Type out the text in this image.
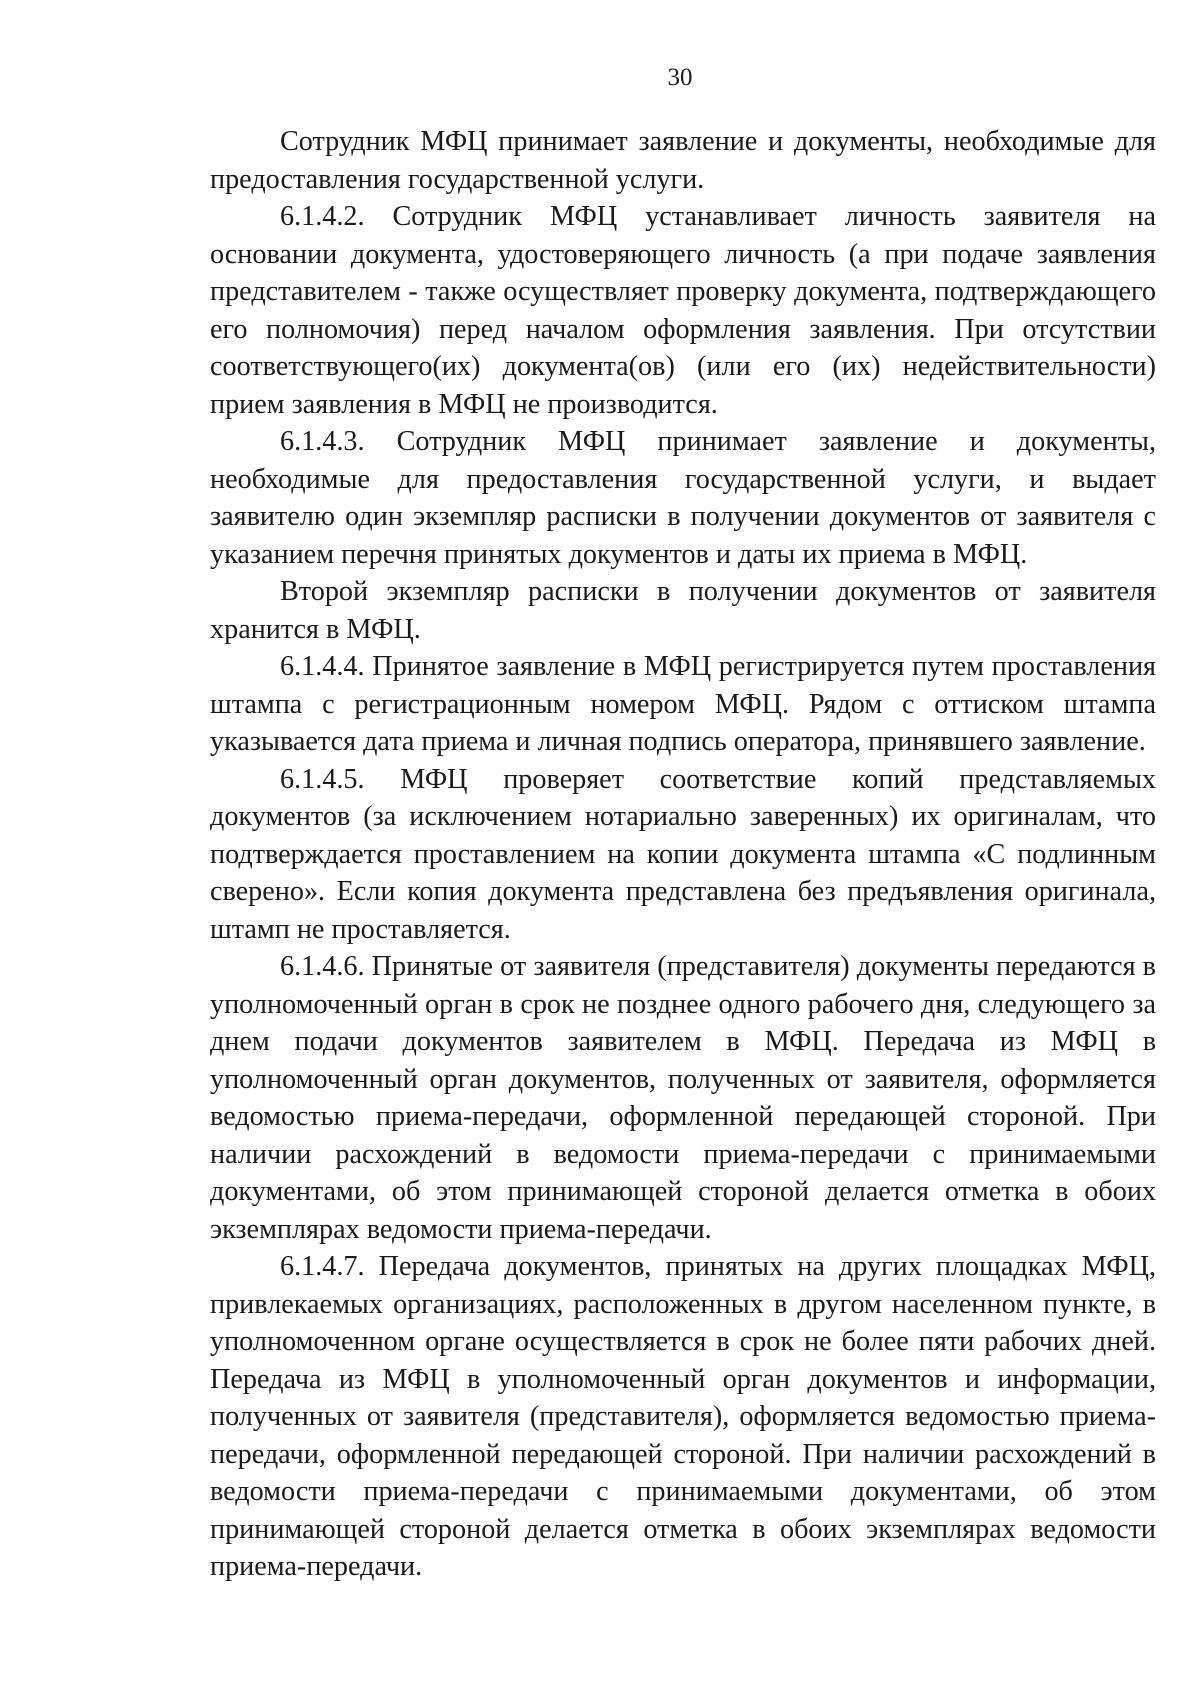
30

Сотрудник МФЦ принимает заявление и документы, необходимые для предоставления государственной услуги.

6.1.4.2. Сотрудник МФЦ устанавливает личность заявителя на основании документа, удостоверяющего личность (а при подаче заявления представителем - также осуществляет проверку документа, подтверждающего его полномочия) перед началом оформления заявления. При отсутствии соответствующего(их) документа(ов) (или его (их) недействительности) прием заявления в МФЦ не производится.

6.1.4.3. Сотрудник МФЦ принимает заявление и документы, необходимые для предоставления государственной услуги, и выдает заявителю один экземпляр расписки в получении документов от заявителя с указанием перечня принятых документов и даты их приема в МФЦ.

Второй экземпляр расписки в получении документов от заявителя хранится в МФЦ.

6.1.4.4. Принятое заявление в МФЦ регистрируется путем проставления штампа с регистрационным номером МФЦ. Рядом с оттиском штампа указывается дата приема и личная подпись оператора, принявшего заявление.

6.1.4.5. МФЦ проверяет соответствие копий представляемых документов (за исключением нотариально заверенных) их оригиналам, что подтверждается проставлением на копии документа штампа «С подлинным сверено». Если копия документа представлена без предъявления оригинала, штамп не проставляется.

6.1.4.6. Принятые от заявителя (представителя) документы передаются в уполномоченный орган в срок не позднее одного рабочего дня, следующего за днем подачи документов заявителем в МФЦ. Передача из МФЦ в уполномоченный орган документов, полученных от заявителя, оформляется ведомостью приема-передачи, оформленной передающей стороной. При наличии расхождений в ведомости приема-передачи с принимаемыми документами, об этом принимающей стороной делается отметка в обоих экземплярах ведомости приема-передачи.

6.1.4.7. Передача документов, принятых на других площадках МФЦ, привлекаемых организациях, расположенных в другом населенном пункте, в уполномоченном органе осуществляется в срок не более пяти рабочих дней. Передача из МФЦ в уполномоченный орган документов и информации, полученных от заявителя (представителя), оформляется ведомостью приема-передачи, оформленной передающей стороной. При наличии расхождений в ведомости приема-передачи с принимаемыми документами, об этом принимающей стороной делается отметка в обоих экземплярах ведомости приема-передачи.
